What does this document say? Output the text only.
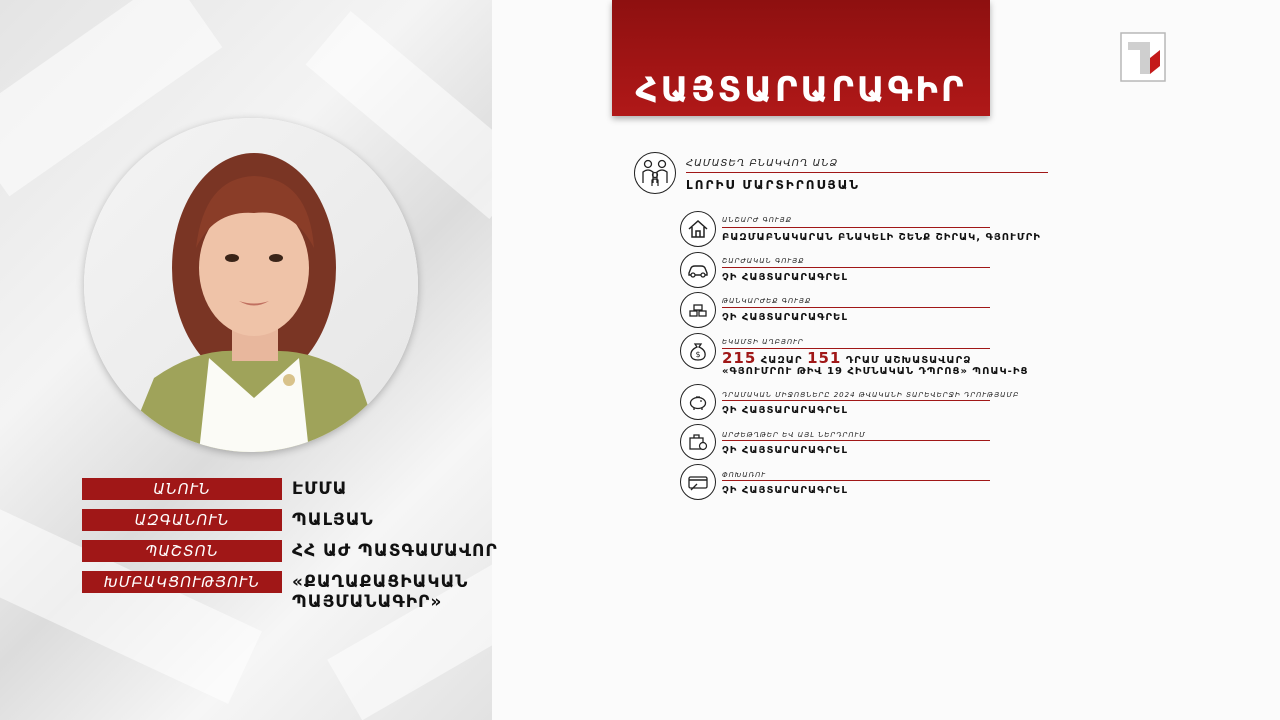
ԱՆՈՒՆ	ԷՄՄԱ
ԱԶԳԱՆՈՒՆ	ՊԱԼՅԱՆ
ՊԱՇՏՈՆ	ՀՀ ԱԺ ՊԱՏԳԱՄԱՎՈՐ
ԽՄԲԱԿՑՈՒԹՅՈՒՆ	«ՔԱՂԱՔԱՑԻԱԿԱՆ
ՊԱՅՄԱՆԱԳԻՐ»
ՀԱՅՏԱՐԱՐԱԳԻՐ
ՀԱՄԱՏԵՂ ԲՆԱԿՎՈՂ ԱՆՁ
ԼՈՐԻՍ ՄԱՐՏԻՐՈՍՅԱՆ
ԱՆՇԱՐԺ ԳՈՒՅՔ
ԲԱԶՄԱԲՆԱԿԱՐԱՆ ԲՆԱԿԵԼԻ ՇԵՆՔ ՇԻՐԱԿ, ԳՅՈՒՄՐԻ
ՇԱՐԺԱԿԱՆ ԳՈՒՅՔ
ՉԻ ՀԱՅՏԱՐԱՐԱԳՐԵԼ
ԹԱՆԿԱՐԺԵՔ ԳՈՒՅՔ
ՉԻ ՀԱՅՏԱՐԱՐԱԳՐԵԼ
$
ԵԿԱՄՏԻ ԱՂԲՅՈՒՐ
215 ՀԱԶԱՐ 151 ԴՐԱՄ ԱՇԽԱՏԱՎԱՐՁ
«ԳՅՈՒՄՐՈՒ ԹԻՎ 19 ՀԻՄՆԱԿԱՆ ԴՊՐՈՑ» ՊՈԱԿ-ԻՑ
ԴՐԱՄԱԿԱՆ ՄԻՋՈՑՆԵՐԸ 2024 ԹՎԱԿԱՆԻ ՏԱՐԵՎԵՐՋԻ ԴՐՈՒԹՅԱՄԲ
ՉԻ ՀԱՅՏԱՐԱՐԱԳՐԵԼ
ԱՐԺԵԹՂԹԵՐ ԵՎ ԱՅԼ ՆԵՐԴՐՈՒՄ
ՉԻ ՀԱՅՏԱՐԱՐԱԳՐԵԼ
ՓՈԽԱՌՈՒ
ՉԻ ՀԱՅՏԱՐԱՐԱԳՐԵԼ
